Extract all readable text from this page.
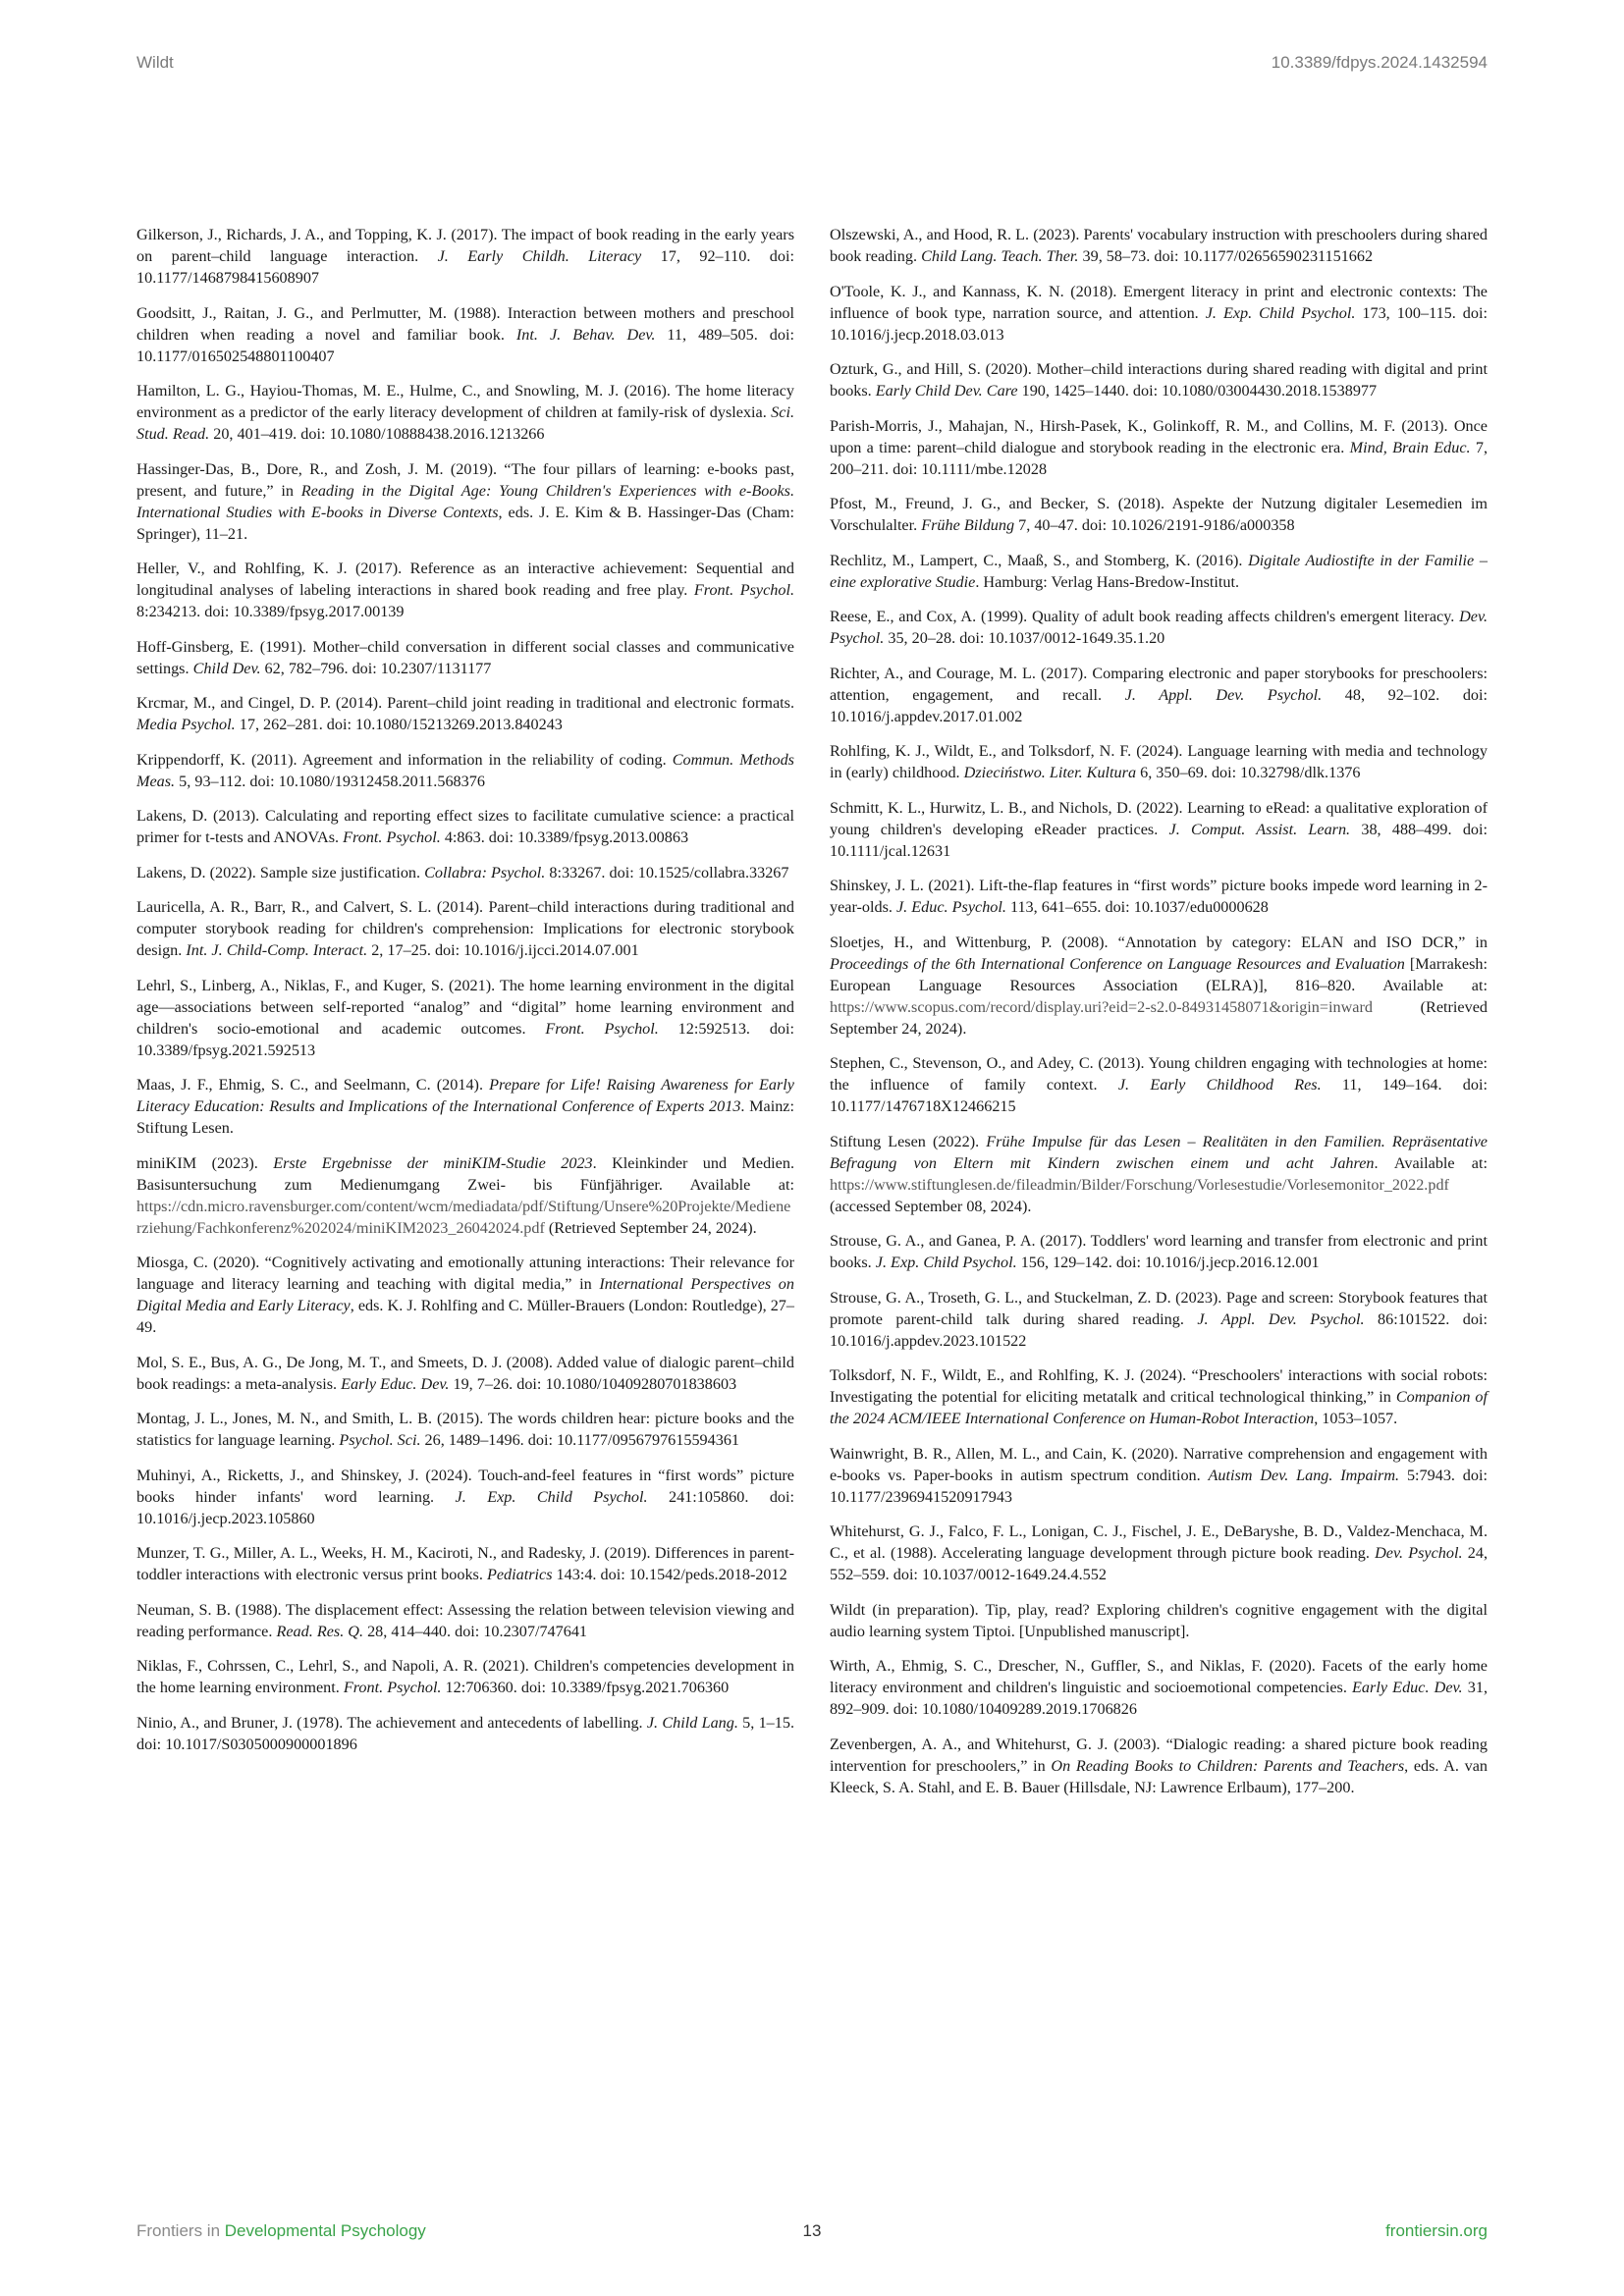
Wildt	10.3389/fdpys.2024.1432594

Gilkerson, J., Richards, J. A., and Topping, K. J. (2017). The impact of book reading in the early years on parent–child language interaction. J. Early Childh. Literacy 17, 92–110. doi: 10.1177/1468798415608907

Goodsitt, J., Raitan, J. G., and Perlmutter, M. (1988). Interaction between mothers and preschool children when reading a novel and familiar book. Int. J. Behav. Dev. 11, 489–505. doi: 10.1177/016502548801100407

Hamilton, L. G., Hayiou-Thomas, M. E., Hulme, C., and Snowling, M. J. (2016). The home literacy environment as a predictor of the early literacy development of children at family-risk of dyslexia. Sci. Stud. Read. 20, 401–419. doi: 10.1080/10888438.2016.1213266

Hassinger-Das, B., Dore, R., and Zosh, J. M. (2019). “The four pillars of learning: e-books past, present, and future,” in Reading in the Digital Age: Young Children's Experiences with e-Books. International Studies with E-books in Diverse Contexts, eds. J. E. Kim & B. Hassinger-Das (Cham: Springer), 11–21.

Heller, V., and Rohlfing, K. J. (2017). Reference as an interactive achievement: Sequential and longitudinal analyses of labeling interactions in shared book reading and free play. Front. Psychol. 8:234213. doi: 10.3389/fpsyg.2017.00139

Hoff-Ginsberg, E. (1991). Mother–child conversation in different social classes and communicative settings. Child Dev. 62, 782–796. doi: 10.2307/1131177

Krcmar, M., and Cingel, D. P. (2014). Parent–child joint reading in traditional and electronic formats. Media Psychol. 17, 262–281. doi: 10.1080/15213269.2013.840243

Krippendorff, K. (2011). Agreement and information in the reliability of coding. Commun. Methods Meas. 5, 93–112. doi: 10.1080/19312458.2011.568376

Lakens, D. (2013). Calculating and reporting effect sizes to facilitate cumulative science: a practical primer for t-tests and ANOVAs. Front. Psychol. 4:863. doi: 10.3389/fpsyg.2013.00863

Lakens, D. (2022). Sample size justification. Collabra: Psychol. 8:33267. doi: 10.1525/collabra.33267

Lauricella, A. R., Barr, R., and Calvert, S. L. (2014). Parent–child interactions during traditional and computer storybook reading for children's comprehension: Implications for electronic storybook design. Int. J. Child-Comp. Interact. 2, 17–25. doi: 10.1016/j.ijcci.2014.07.001

Lehrl, S., Linberg, A., Niklas, F., and Kuger, S. (2021). The home learning environment in the digital age—associations between self-reported “analog” and “digital” home learning environment and children's socio-emotional and academic outcomes. Front. Psychol. 12:592513. doi: 10.3389/fpsyg.2021.592513

Maas, J. F., Ehmig, S. C., and Seelmann, C. (2014). Prepare for Life! Raising Awareness for Early Literacy Education: Results and Implications of the International Conference of Experts 2013. Mainz: Stiftung Lesen.

miniKIM (2023). Erste Ergebnisse der miniKIM-Studie 2023. Kleinkinder und Medien. Basisuntersuchung zum Medienumgang Zwei- bis Fünfjähriger. Available at: https://cdn.micro.ravensburger.com/content/wcm/mediadata/pdf/Stiftung/Unsere%20Projekte/Medienerziehung/Fachkonferenz%202024/miniKIM2023_26042024.pdf (Retrieved September 24, 2024).

Miosga, C. (2020). “Cognitively activating and emotionally attuning interactions: Their relevance for language and literacy learning and teaching with digital media,” in International Perspectives on Digital Media and Early Literacy, eds. K. J. Rohlfing and C. Müller-Brauers (London: Routledge), 27–49.

Mol, S. E., Bus, A. G., De Jong, M. T., and Smeets, D. J. (2008). Added value of dialogic parent–child book readings: a meta-analysis. Early Educ. Dev. 19, 7–26. doi: 10.1080/10409280701838603

Montag, J. L., Jones, M. N., and Smith, L. B. (2015). The words children hear: picture books and the statistics for language learning. Psychol. Sci. 26, 1489–1496. doi: 10.1177/0956797615594361

Muhinyi, A., Ricketts, J., and Shinskey, J. (2024). Touch-and-feel features in “first words” picture books hinder infants' word learning. J. Exp. Child Psychol. 241:105860. doi: 10.1016/j.jecp.2023.105860

Munzer, T. G., Miller, A. L., Weeks, H. M., Kaciroti, N., and Radesky, J. (2019). Differences in parent-toddler interactions with electronic versus print books. Pediatrics 143:4. doi: 10.1542/peds.2018-2012

Neuman, S. B. (1988). The displacement effect: Assessing the relation between television viewing and reading performance. Read. Res. Q. 28, 414–440. doi: 10.2307/747641

Niklas, F., Cohrssen, C., Lehrl, S., and Napoli, A. R. (2021). Children's competencies development in the home learning environment. Front. Psychol. 12:706360. doi: 10.3389/fpsyg.2021.706360

Ninio, A., and Bruner, J. (1978). The achievement and antecedents of labelling. J. Child Lang. 5, 1–15. doi: 10.1017/S0305000900001896

Olszewski, A., and Hood, R. L. (2023). Parents' vocabulary instruction with preschoolers during shared book reading. Child Lang. Teach. Ther. 39, 58–73. doi: 10.1177/02656590231151662

O'Toole, K. J., and Kannass, K. N. (2018). Emergent literacy in print and electronic contexts: The influence of book type, narration source, and attention. J. Exp. Child Psychol. 173, 100–115. doi: 10.1016/j.jecp.2018.03.013

Ozturk, G., and Hill, S. (2020). Mother–child interactions during shared reading with digital and print books. Early Child Dev. Care 190, 1425–1440. doi: 10.1080/03004430.2018.1538977

Parish-Morris, J., Mahajan, N., Hirsh-Pasek, K., Golinkoff, R. M., and Collins, M. F. (2013). Once upon a time: parent–child dialogue and storybook reading in the electronic era. Mind, Brain Educ. 7, 200–211. doi: 10.1111/mbe.12028

Pfost, M., Freund, J. G., and Becker, S. (2018). Aspekte der Nutzung digitaler Lesemedien im Vorschulalter. Frühe Bildung 7, 40–47. doi: 10.1026/2191-9186/a000358

Rechlitz, M., Lampert, C., Maaß, S., and Stomberg, K. (2016). Digitale Audiostifte in der Familie – eine explorative Studie. Hamburg: Verlag Hans-Bredow-Institut.

Reese, E., and Cox, A. (1999). Quality of adult book reading affects children's emergent literacy. Dev. Psychol. 35, 20–28. doi: 10.1037/0012-1649.35.1.20

Richter, A., and Courage, M. L. (2017). Comparing electronic and paper storybooks for preschoolers: attention, engagement, and recall. J. Appl. Dev. Psychol. 48, 92–102. doi: 10.1016/j.appdev.2017.01.002

Rohlfing, K. J., Wildt, E., and Tolksdorf, N. F. (2024). Language learning with media and technology in (early) childhood. Dzieciństwo. Liter. Kultura 6, 350–69. doi: 10.32798/dlk.1376

Schmitt, K. L., Hurwitz, L. B., and Nichols, D. (2022). Learning to eRead: a qualitative exploration of young children's developing eReader practices. J. Comput. Assist. Learn. 38, 488–499. doi: 10.1111/jcal.12631

Shinskey, J. L. (2021). Lift-the-flap features in “first words” picture books impede word learning in 2-year-olds. J. Educ. Psychol. 113, 641–655. doi: 10.1037/edu0000628

Sloetjes, H., and Wittenburg, P. (2008). “Annotation by category: ELAN and ISO DCR,” in Proceedings of the 6th International Conference on Language Resources and Evaluation [Marrakesh: European Language Resources Association (ELRA)], 816–820. Available at: https://www.scopus.com/record/display.uri?eid=2-s2.0-84931458071&origin=inward (Retrieved September 24, 2024).

Stephen, C., Stevenson, O., and Adey, C. (2013). Young children engaging with technologies at home: the influence of family context. J. Early Childhood Res. 11, 149–164. doi: 10.1177/1476718X12466215

Stiftung Lesen (2022). Frühe Impulse für das Lesen – Realitäten in den Familien. Repräsentative Befragung von Eltern mit Kindern zwischen einem und acht Jahren. Available at: https://www.stiftunglesen.de/fileadmin/Bilder/Forschung/Vorlesestudie/Vorlesemonitor_2022.pdf (accessed September 08, 2024).

Strouse, G. A., and Ganea, P. A. (2017). Toddlers' word learning and transfer from electronic and print books. J. Exp. Child Psychol. 156, 129–142. doi: 10.1016/j.jecp.2016.12.001

Strouse, G. A., Troseth, G. L., and Stuckelman, Z. D. (2023). Page and screen: Storybook features that promote parent-child talk during shared reading. J. Appl. Dev. Psychol. 86:101522. doi: 10.1016/j.appdev.2023.101522

Tolksdorf, N. F., Wildt, E., and Rohlfing, K. J. (2024). “Preschoolers' interactions with social robots: Investigating the potential for eliciting metatalk and critical technological thinking,” in Companion of the 2024 ACM/IEEE International Conference on Human-Robot Interaction, 1053–1057.

Wainwright, B. R., Allen, M. L., and Cain, K. (2020). Narrative comprehension and engagement with e-books vs. Paper-books in autism spectrum condition. Autism Dev. Lang. Impairm. 5:7943. doi: 10.1177/2396941520917943

Whitehurst, G. J., Falco, F. L., Lonigan, C. J., Fischel, J. E., DeBaryshe, B. D., Valdez-Menchaca, M. C., et al. (1988). Accelerating language development through picture book reading. Dev. Psychol. 24, 552–559. doi: 10.1037/0012-1649.24.4.552

Wildt (in preparation). Tip, play, read? Exploring children's cognitive engagement with the digital audio learning system Tiptoi. [Unpublished manuscript].

Wirth, A., Ehmig, S. C., Drescher, N., Guffler, S., and Niklas, F. (2020). Facets of the early home literacy environment and children's linguistic and socioemotional competencies. Early Educ. Dev. 31, 892–909. doi: 10.1080/10409289.2019.1706826

Zevenbergen, A. A., and Whitehurst, G. J. (2003). “Dialogic reading: a shared picture book reading intervention for preschoolers,” in On Reading Books to Children: Parents and Teachers, eds. A. van Kleeck, S. A. Stahl, and E. B. Bauer (Hillsdale, NJ: Lawrence Erlbaum), 177–200.

Frontiers in Developmental Psychology	13	frontiersin.org
